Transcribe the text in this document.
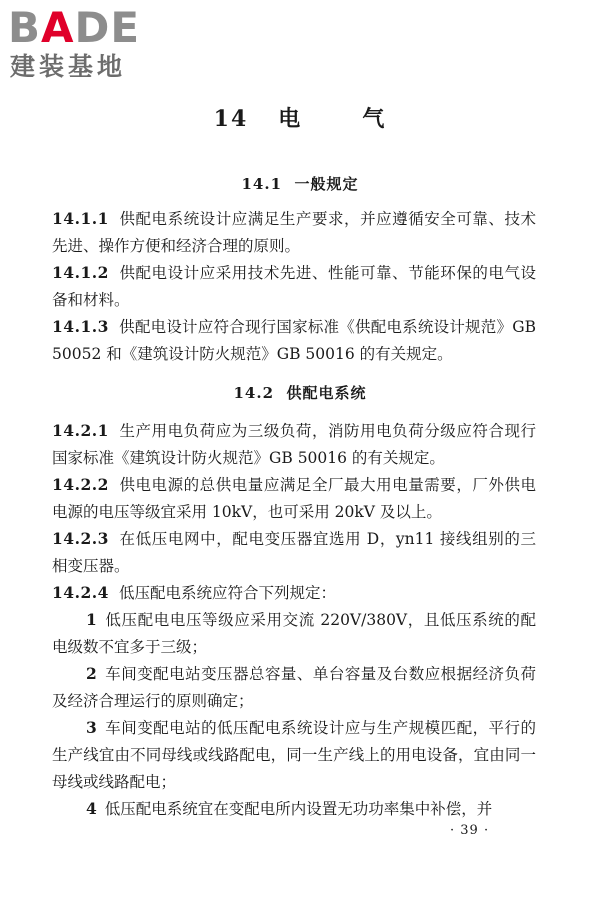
BADE
建装基地
14 电	气
14.1 一般规定
14.1.1 供配电系统设计应满足生产要求，并应遵循安全可靠、技术先进、操作方便和经济合理的原则。
14.1.2 供配电设计应采用技术先进、性能可靠、节能环保的电气设备和材料。
14.1.3 供配电设计应符合现行国家标准《供配电系统设计规范》GB 50052 和《建筑设计防火规范》GB 50016 的有关规定。
14.2 供配电系统
14.2.1 生产用电负荷应为三级负荷，消防用电负荷分级应符合现行国家标准《建筑设计防火规范》GB 50016 的有关规定。
14.2.2 供电电源的总供电量应满足全厂最大用电量需要，厂外供电电源的电压等级宜采用 10kV，也可采用 20kV 及以上。
14.2.3 在低压电网中，配电变压器宜选用 D，yn11 接线组别的三相变压器。
14.2.4 低压配电系统应符合下列规定：
1 低压配电电压等级应采用交流 220V/380V，且低压系统的配电级数不宜多于三级；
2 车间变配电站变压器总容量、单台容量及台数应根据经济负荷及经济合理运行的原则确定；
3 车间变配电站的低压配电系统设计应与生产规模匹配，平行的生产线宜由不同母线或线路配电，同一生产线上的用电设备，宜由同一母线或线路配电；
4 低压配电系统宜在变配电所内设置无功功率集中补偿，并
· 39 ·
